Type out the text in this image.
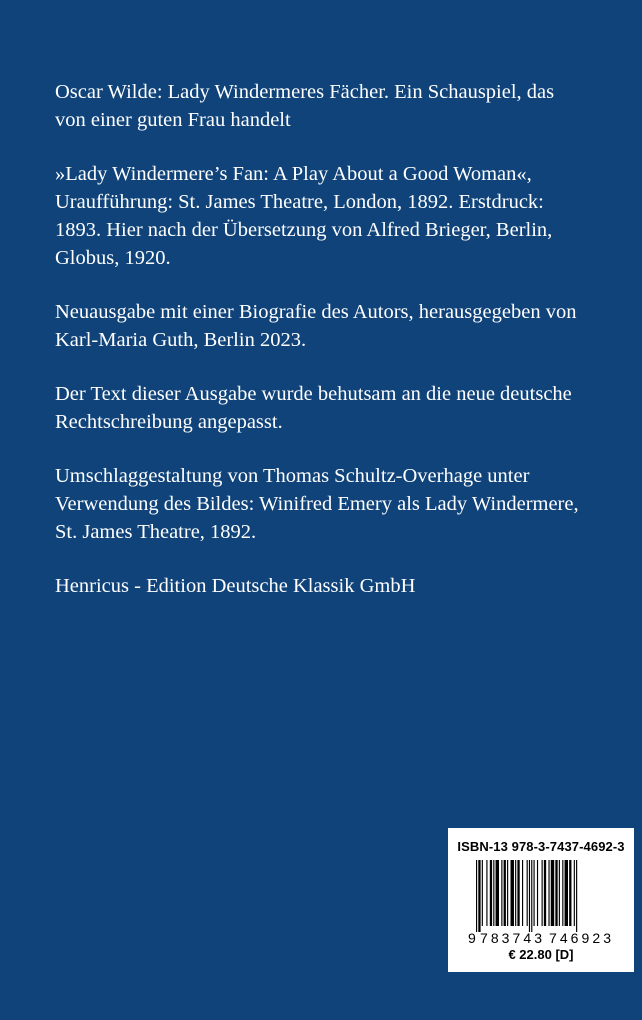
Oscar Wilde: Lady Windermeres Fächer. Ein Schauspiel, das
von einer guten Frau handelt

»Lady Windermere’s Fan: A Play About a Good Woman«,
Uraufführung: St. James Theatre, London, 1892. Erstdruck:
1893. Hier nach der Übersetzung von Alfred Brieger, Berlin,
Globus, 1920.

Neuausgabe mit einer Biografie des Autors, herausgegeben von
Karl-Maria Guth, Berlin 2023.

Der Text dieser Ausgabe wurde behutsam an die neue deutsche
Rechtschreibung angepasst.

Umschlaggestaltung von Thomas Schultz-Overhage unter
Verwendung des Bildes: Winifred Emery als Lady Windermere,
St. James Theatre, 1892.

Henricus - Edition Deutsche Klassik GmbH

ISBN-13 978-3-7437-4692-3
9 783743 746923
€ 22.80 [D]
